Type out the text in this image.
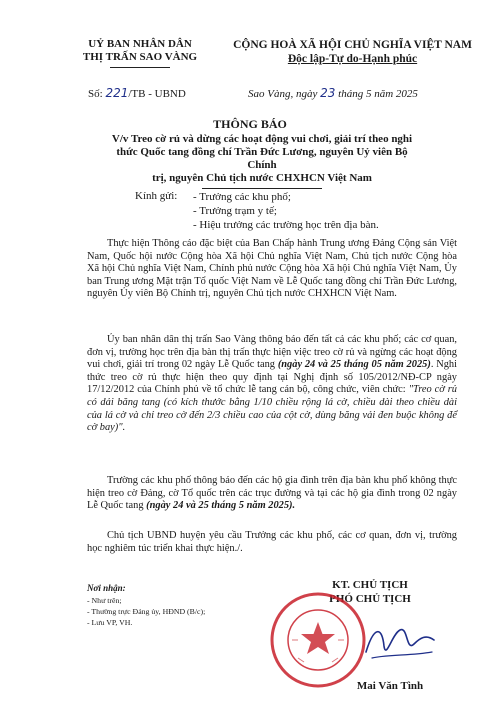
UỶ BAN NHÂN DÂN
THỊ TRẤN SAO VÀNG
CỘNG HOÀ XÃ HỘI CHỦ NGHĨA VIỆT NAM
Độc lập-Tự do-Hạnh phúc
Số: 221/TB - UBND	Sao Vàng, ngày 23 tháng 5 năm 2025
THÔNG BÁO
V/v Treo cờ rủ và dừng các hoạt động vui chơi, giải trí theo nghi
thức Quốc tang đồng chí Trần Đức Lương, nguyên Uỷ viên Bộ Chính
trị, nguyên Chủ tịch nước CHXHCN Việt Nam
Kính gửi: - Trưởng các khu phố;
- Trưởng trạm y tế;
- Hiệu trưởng các trường học trên địa bàn.

Thực hiện Thông cáo đặc biệt của Ban Chấp hành Trung ương Đảng Cộng sản Việt Nam, Quốc hội nước Cộng hòa Xã hội Chủ nghĩa Việt Nam, Chủ tịch nước Cộng hòa Xã hội Chủ nghĩa Việt Nam, Chính phủ nước Cộng hòa Xã hội Chủ nghĩa Việt Nam, Ủy ban Trung ương Mặt trận Tổ quốc Việt Nam về Lễ Quốc tang đồng chí Trần Đức Lương, nguyên Ủy viên Bộ Chính trị, nguyên Chủ tịch nước CHXHCN Việt Nam.

Ủy ban nhân dân thị trấn Sao Vàng thông báo đến tất cả các khu phố; các cơ quan, đơn vị, trường học trên địa bàn thị trấn thực hiện việc treo cờ rủ và ngừng các hoạt động vui chơi, giải trí trong 02 ngày Lễ Quốc tang (ngày 24 và 25 tháng 05 năm 2025). Nghi thức treo cờ rủ thực hiện theo quy định tại Nghị định số 105/2012/NĐ-CP ngày 17/12/2012 của Chính phủ về tổ chức lễ tang cán bộ, công chức, viên chức: "Treo cờ rủ có dải băng tang (có kích thước bằng 1/10 chiều rộng lá cờ, chiều dài theo chiều dài của lá cờ và chỉ treo cờ đến 2/3 chiều cao của cột cờ, dùng băng vải đen buộc không để cờ bay)".

Trường các khu phố thông báo đến các hộ gia đình trên địa bàn khu phố không thực hiện treo cờ Đảng, cờ Tổ quốc trên các trục đường và tại các hộ gia đình trong 02 ngày Lễ Quốc tang (ngày 24 và 25 tháng 5 năm 2025).

Chủ tịch UBND huyện yêu cầu Trưởng các khu phố, các cơ quan, đơn vị, trường học nghiêm túc triển khai thực hiện./.

Nơi nhận:
- Như trên;
- Thường trực Đảng ủy, HĐND (B/c);
- Lưu VP, VH.
KT. CHỦ TỊCH
PHÓ CHỦ TỊCH
Mai Văn Tình
